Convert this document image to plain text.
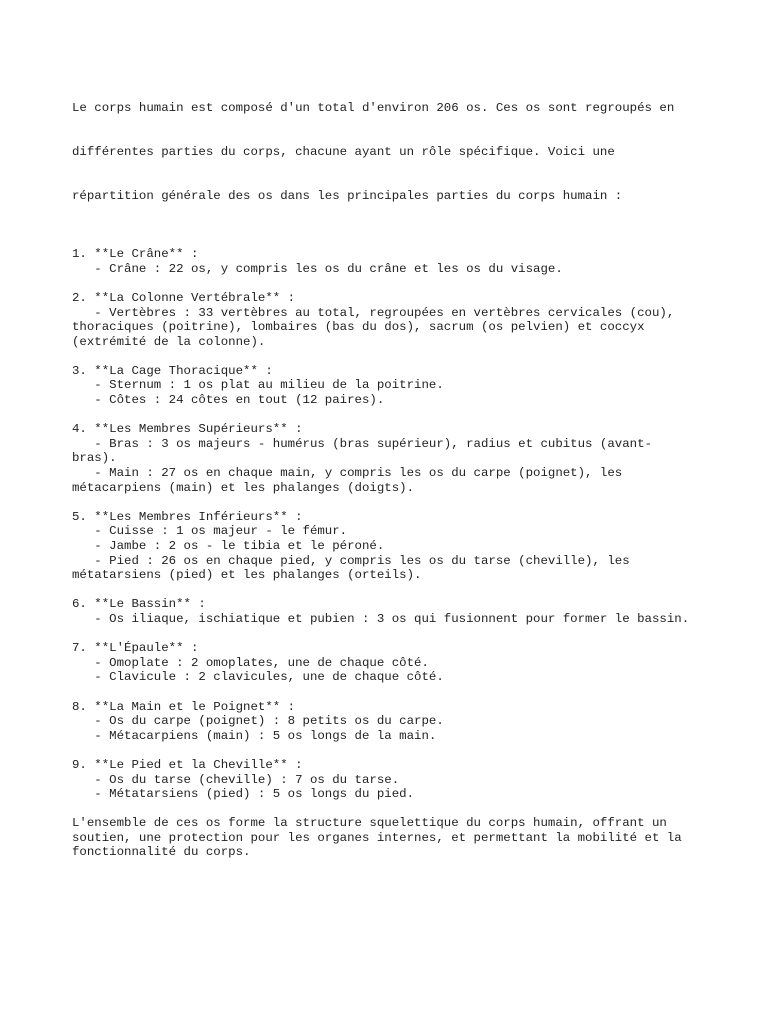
Le corps humain est composé d'un total d'environ 206 os. Ces os sont regroupés en

différentes parties du corps, chacune ayant un rôle spécifique. Voici une

répartition générale des os dans les principales parties du corps humain :

1. **Le Crâne** :
- Crâne : 22 os, y compris les os du crâne et les os du visage.
2. **La Colonne Vertébrale** :
- Vertèbres : 33 vertèbres au total, regroupées en vertèbres cervicales (cou),
thoraciques (poitrine), lombaires (bas du dos), sacrum (os pelvien) et coccyx
(extrémité de la colonne).
3. **La Cage Thoracique** :
- Sternum : 1 os plat au milieu de la poitrine.
- Côtes : 24 côtes en tout (12 paires).
4. **Les Membres Supérieurs** :
- Bras : 3 os majeurs - humérus (bras supérieur), radius et cubitus (avant-
bras).
- Main : 27 os en chaque main, y compris les os du carpe (poignet), les
métacarpiens (main) et les phalanges (doigts).
5. **Les Membres Inférieurs** :
- Cuisse : 1 os majeur - le fémur.
- Jambe : 2 os - le tibia et le péroné.
- Pied : 26 os en chaque pied, y compris les os du tarse (cheville), les
métatarsiens (pied) et les phalanges (orteils).
6. **Le Bassin** :
- Os iliaque, ischiatique et pubien : 3 os qui fusionnent pour former le bassin.
7. **L'Épaule** :
- Omoplate : 2 omoplates, une de chaque côté.
- Clavicule : 2 clavicules, une de chaque côté.
8. **La Main et le Poignet** :
- Os du carpe (poignet) : 8 petits os du carpe.
- Métacarpiens (main) : 5 os longs de la main.
9. **Le Pied et la Cheville** :
- Os du tarse (cheville) : 7 os du tarse.
- Métatarsiens (pied) : 5 os longs du pied.
L'ensemble de ces os forme la structure squelettique du corps humain, offrant un
soutien, une protection pour les organes internes, et permettant la mobilité et la
fonctionnalité du corps.
